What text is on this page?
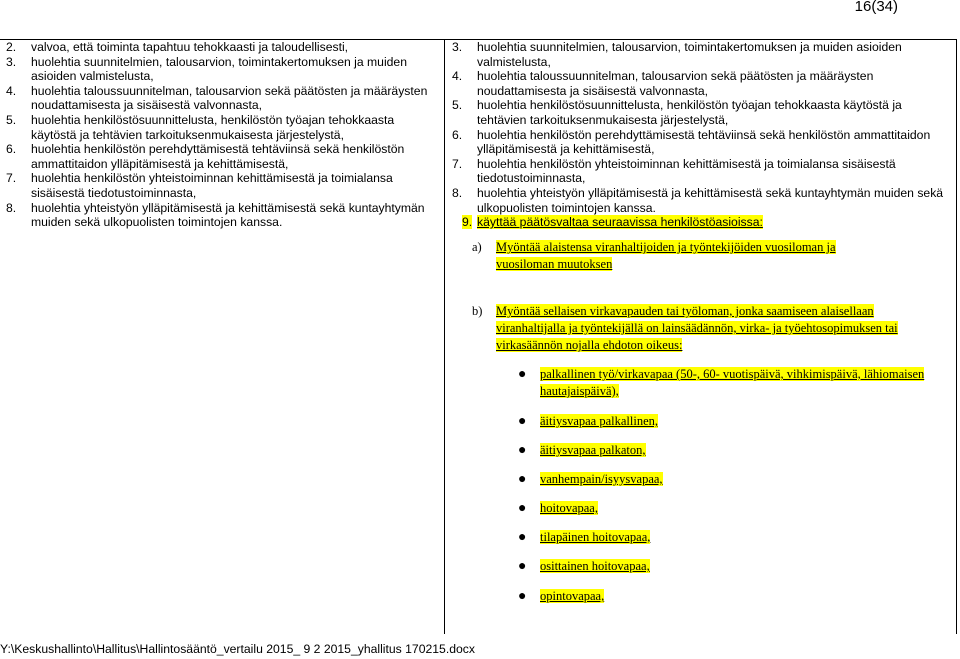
16(34)
2.	valvoa, että toiminta tapahtuu tehokkaasti ja taloudellisesti,
3.	huolehtia suunnitelmien, talousarvion, toimintakertomuksen ja muiden asioiden valmistelusta,
4.	huolehtia taloussuunnitelman, talousarvion sekä päätösten ja määräysten noudattamisesta ja sisäisestä valvonnasta,
5.	huolehtia henkilöstösuunnittelusta, henkilöstön työajan tehokkaasta käytöstä ja tehtävien tarkoituksenmukaisesta järjestelystä,
6.	huolehtia henkilöstön perehdyttämisestä tehtäviinsä sekä henkilöstön ammattitaidon ylläpitämisestä ja kehittämisestä,
7.	huolehtia henkilöstön yhteistoiminnan kehittämisestä ja toimialansa sisäisestä tiedotustoiminnasta,
8.	huolehtia yhteistyön ylläpitämisestä ja kehittämisestä sekä kuntayhtymän muiden sekä ulkopuolisten toimintojen kanssa.
3.	huolehtia suunnitelmien, talousarvion, toimintakertomuksen ja muiden asioiden valmistelusta,
4.	huolehtia taloussuunnitelman, talousarvion sekä päätösten ja määräysten noudattamisesta ja sisäisestä valvonnasta,
5.	huolehtia henkilöstösuunnittelusta, henkilöstön työajan tehokkaasta käytöstä ja tehtävien tarkoituksenmukaisesta järjestelystä,
6.	huolehtia henkilöstön perehdyttämisestä tehtäviinsä sekä henkilöstön ammattitaidon ylläpitämisestä ja kehittämisestä,
7.	huolehtia henkilöstön yhteistoiminnan kehittämisestä ja toimialansa sisäisestä tiedotustoiminnasta,
8.	huolehtia yhteistyön ylläpitämisestä ja kehittämisestä sekä kuntayhtymän muiden sekä ulkopuolisten toimintojen kanssa.
9. käyttää päätösvaltaa seuraavissa henkilöstöasioissa:
a)	Myöntää alaistensa viranhaltijoiden ja työntekijöiden vuosiloman ja vuosiloman muutoksen
b)	Myöntää sellaisen virkavapauden tai työloman, jonka saamiseen alaisellaan viranhaltijalla ja työntekijällä on lainsäädännön, virka- ja työehtosopimuksen tai virkasäännön nojalla ehdoton oikeus:
●	palkallinen työ/virkavapaa (50-, 60- vuotispäivä, vihkimispäivä, lähiomaisen hautajaispäivä),
●	äitiysvapaa palkallinen,
●	äitiysvapaa palkaton,
●	vanhempain/isyysvapaa,
●	hoitovapaa,
●	tilapäinen hoitovapaa,
●	osittainen hoitovapaa,
●	opintovapaa,
Y:\Keskushallinto\Hallitus\Hallintosääntö_vertailu 2015_ 9 2 2015_yhallitus 170215.docx
